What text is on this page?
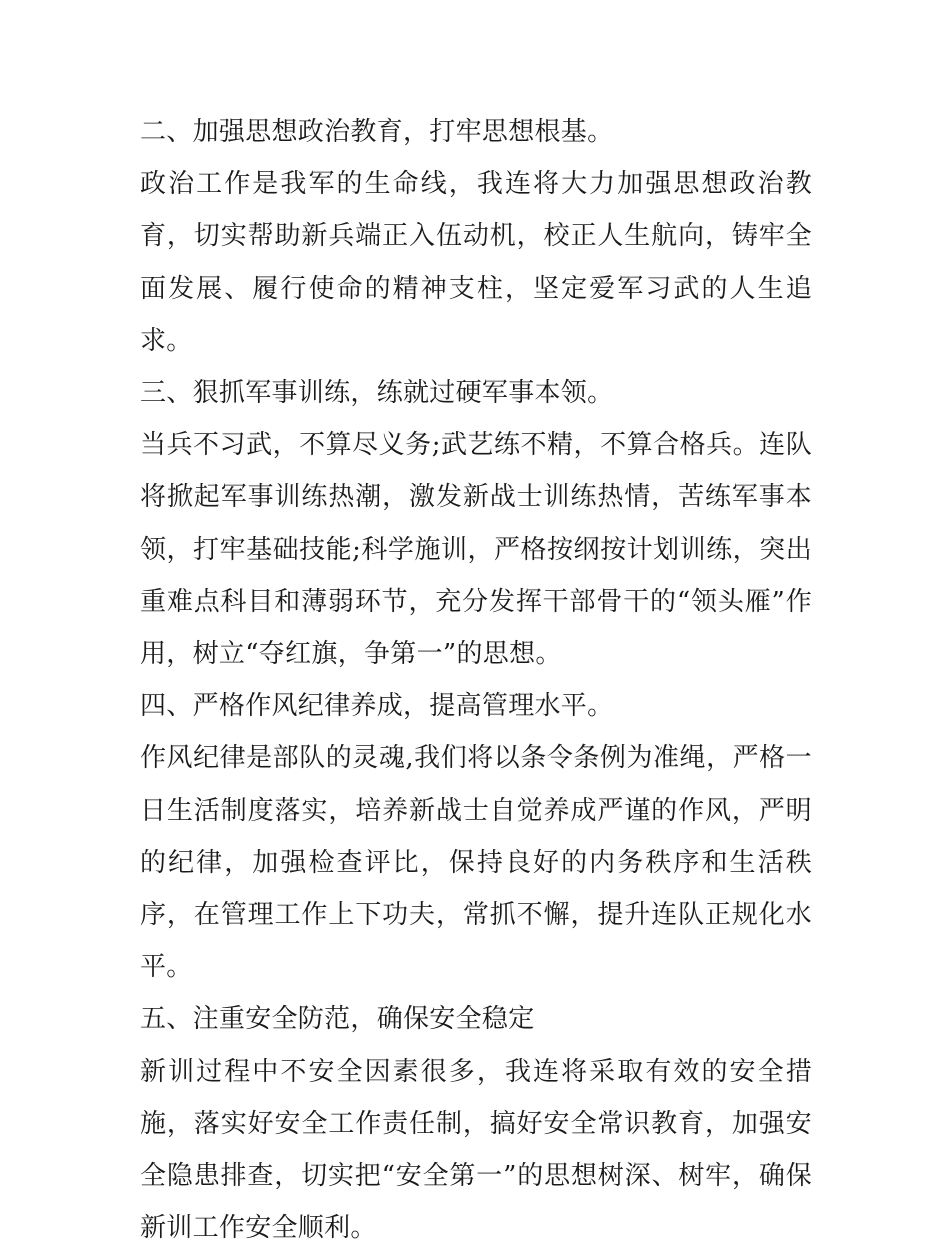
二、加强思想政治教育，打牢思想根基。

政治工作是我军的生命线，我连将大力加强思想政治教育，切实帮助新兵端正入伍动机，校正人生航向，铸牢全面发展、履行使命的精神支柱，坚定爱军习武的人生追求。

三、狠抓军事训练，练就过硬军事本领。

当兵不习武，不算尽义务;武艺练不精，不算合格兵。连队将掀起军事训练热潮，激发新战士训练热情，苦练军事本领，打牢基础技能;科学施训，严格按纲按计划训练，突出重难点科目和薄弱环节，充分发挥干部骨干的“领头雁”作用，树立“夺红旗，争第一”的思想。

四、严格作风纪律养成，提高管理水平。

作风纪律是部队的灵魂,我们将以条令条例为准绳，严格一日生活制度落实，培养新战士自觉养成严谨的作风，严明的纪律，加强检查评比，保持良好的内务秩序和生活秩序，在管理工作上下功夫，常抓不懈，提升连队正规化水平。

五、注重安全防范，确保安全稳定

新训过程中不安全因素很多，我连将采取有效的安全措施，落实好安全工作责任制，搞好安全常识教育，加强安全隐患排查，切实把“安全第一”的思想树深、树牢，确保新训工作安全顺利。
